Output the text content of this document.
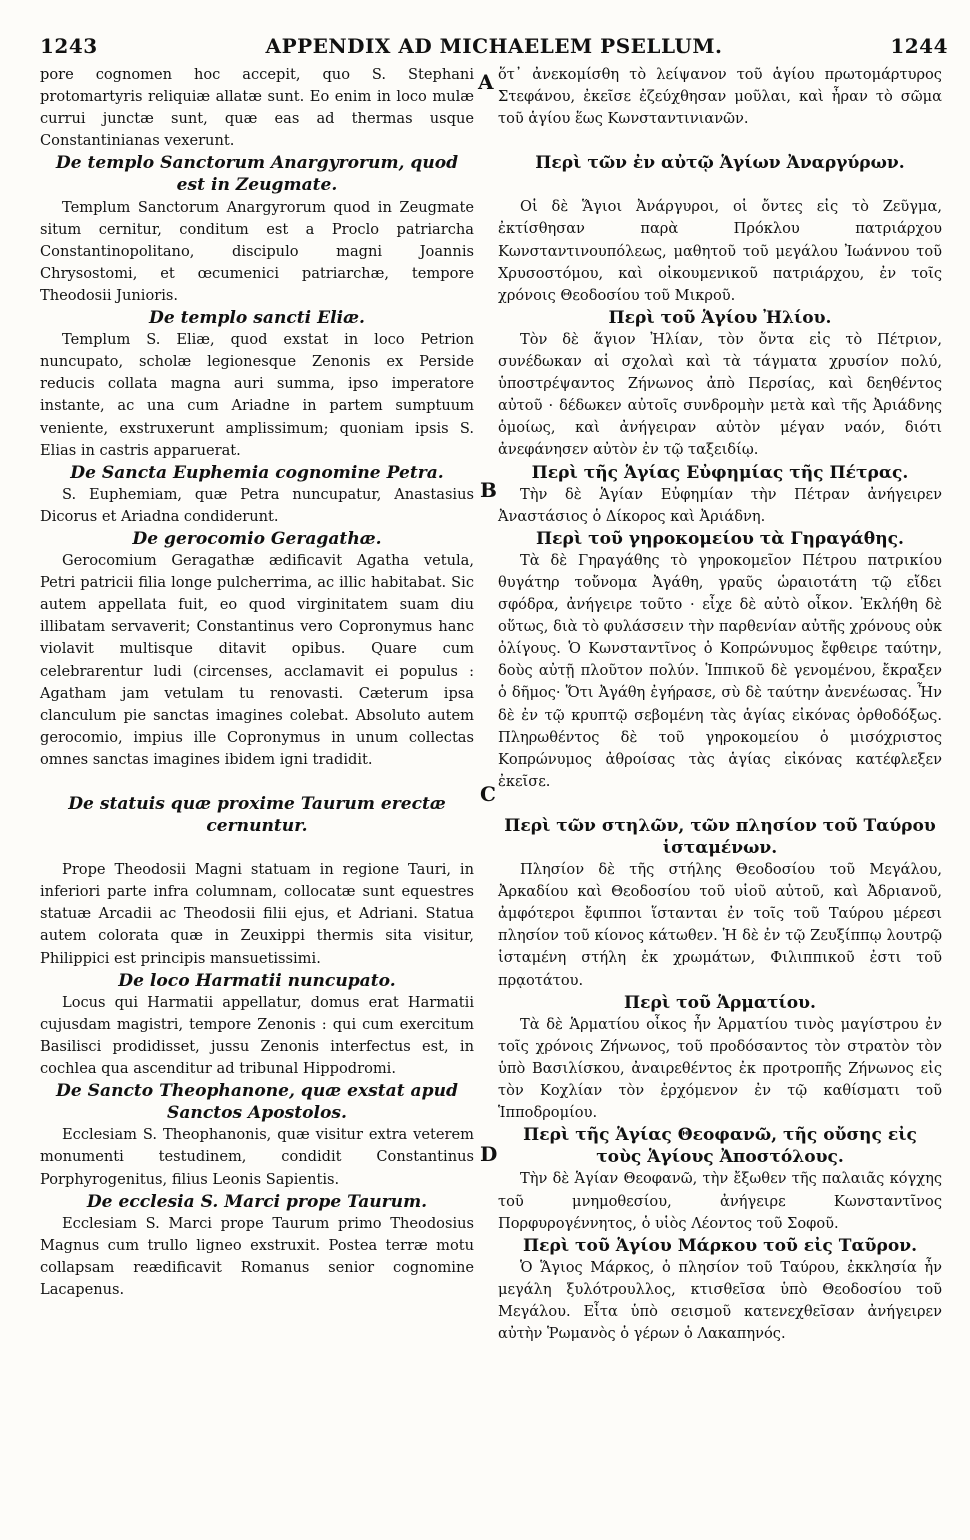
1243	APPENDIX AD MICHAELEM PSELLUM.	1244

pore cognomen hoc accepit, quo S. Stephani protomartyris reliquiæ allatæ sunt. Eo enim in loco mulæ currui junctæ sunt, quæ eas ad thermas usque Constantinianas vexerunt.

De templo Sanctorum Anargyrorum, quod est in Zeugmate.

Templum Sanctorum Anargyrorum quod in Zeugmate situm cernitur, conditum est a Proclo patriarcha Constantinopolitano, discipulo magni Joannis Chrysostomi, et œcumenici patriarchæ, tempore Theodosii Junioris.

De templo sancti Eliæ.

Templum S. Eliæ, quod exstat in loco Petrion nuncupato, scholæ legionesque Zenonis ex Perside reducis collata magna auri summa, ipso imperatore instante, ac una cum Ariadne in partem sumptuum veniente, exstruxerunt amplissimum; quoniam ipsis S. Elias in castris apparuerat.

De Sancta Euphemia cognomine Petra.

S. Euphemiam, quæ Petra nuncupatur, Anastasius Dicorus et Ariadna condiderunt.

De gerocomio Geragathæ.

Gerocomium Geragathæ ædificavit Agatha vetula, Petri patricii filia longe pulcherrima, ac illic habitabat. Sic autem appellata fuit, eo quod virginitatem suam diu illibatam servaverit; Constantinus vero Copronymus hanc violavit multisque ditavit opibus. Quare cum celebrarentur ludi (circenses, acclamavit ei populus : Agatham jam vetulam tu renovasti. Cæterum ipsa clanculum pie sanctas imagines colebat. Absoluto autem gerocomio, impius ille Copronymus in unum collectas omnes sanctas imagines ibidem igni tradidit.

De statuis quæ proxime Taurum erectæ cernuntur.

Prope Theodosii Magni statuam in regione Tauri, in inferiori parte infra columnam, collocatæ sunt equestres statuæ Arcadii ac Theodosii filii ejus, et Adriani. Statua autem colorata quæ in Zeuxippi thermis sita visitur, Philippici est principis mansuetissimi.

De loco Harmatii nuncupato.

Locus qui Harmatii appellatur, domus erat Harmatii cujusdam magistri, tempore Zenonis : qui cum exercitum Basilisci prodidisset, jussu Zenonis interfectus est, in cochlea qua ascenditur ad tribunal Hippodromi.

De Sancto Theophanone, quæ exstat apud Sanctos Apostolos.

Ecclesiam S. Theophanonis, quæ visitur extra veterem monumenti testudinem, condidit Constantinus Porphyrogenitus, filius Leonis Sapientis.

De ecclesia S. Marci prope Taurum.

Ecclesiam S. Marci prope Taurum primo Theodosius Magnus cum trullo ligneo exstruxit. Postea terræ motu collapsam reædificavit Romanus senior cognomine Lacapenus.

ὅτ᾽ ἀνεκομίσθη τὸ λείψανον τοῦ ἁγίου πρωτομάρτυρος Στεφάνου, ἐκεῖσε ἐζεύχθησαν μοῦλαι, καὶ ἦραν τὸ σῶμα τοῦ ἁγίου ἕως Κωνσταντινιανῶν.

Περὶ τῶν ἐν αὐτῷ Ἁγίων Ἀναργύρων.

Οἱ δὲ Ἅγιοι Ἀνάργυροι, οἱ ὄντες εἰς τὸ Ζεῦγμα, ἐκτίσθησαν παρὰ Πρόκλου πατριάρχου Κωνσταντινουπόλεως, μαθητοῦ τοῦ μεγάλου Ἰωάννου τοῦ Χρυσοστόμου, καὶ οἰκουμενικοῦ πατριάρχου, ἐν τοῖς χρόνοις Θεοδοσίου τοῦ Μικροῦ.

Περὶ τοῦ Ἁγίου Ἠλίου.

Τὸν δὲ ἅγιον Ἠλίαν, τὸν ὄντα εἰς τὸ Πέτριον, συνέδωκαν αἱ σχολαὶ καὶ τὰ τάγματα χρυσίον πολύ, ὑποστρέψαντος Ζήνωνος ἀπὸ Περσίας, καὶ δεηθέντος αὐτοῦ · δέδωκεν αὐτοῖς συνδρομὴν μετὰ καὶ τῆς Ἀριάδνης ὁμοίως, καὶ ἀνήγειραν αὐτὸν μέγαν ναόν, διότι ἀνεφάνησεν αὐτὸν ἐν τῷ ταξειδίῳ.

Περὶ τῆς Ἁγίας Εὐφημίας τῆς Πέτρας.

Τὴν δὲ Ἁγίαν Εὐφημίαν τὴν Πέτραν ἀνήγειρεν Ἀναστάσιος ὁ Δίκορος καὶ Ἀριάδνη.

Περὶ τοῦ γηροκομείου τὰ Γηραγάθης.

Τὰ δὲ Γηραγάθης τὸ γηροκομεῖον Πέτρου πατρικίου θυγάτηρ τοὔνομα Ἀγάθη, γραῦς ὡραιοτάτη τῷ εἴδει σφόδρα, ἀνήγειρε τοῦτο · εἶχε δὲ αὐτὸ οἶκον. Ἐκλήθη δὲ οὕτως, διὰ τὸ φυλάσσειν τὴν παρθενίαν αὐτῆς χρόνους οὐκ ὀλίγους. Ὁ Κωνσταντῖνος ὁ Κοπρώνυμος ἔφθειρε ταύτην, δοὺς αὐτῇ πλοῦτον πολύν. Ἱππικοῦ δὲ γενομένου, ἔκραξεν ὁ δῆμος· Ὅτι Ἀγάθη ἐγήρασε, σὺ δὲ ταύτην ἀνενέωσας. Ἦν δὲ ἐν τῷ κρυπτῷ σεβομένη τὰς ἁγίας εἰκόνας ὀρθοδόξως. Πληρωθέντος δὲ τοῦ γηροκομείου ὁ μισόχριστος Κοπρώνυμος ἀθροίσας τὰς ἁγίας εἰκόνας κατέφλεξεν ἐκεῖσε.

Περὶ τῶν στηλῶν, τῶν πλησίον τοῦ Ταύρου ἱσταμένων.

Πλησίον δὲ τῆς στήλης Θεοδοσίου τοῦ Μεγάλου, Ἀρκαδίου καὶ Θεοδοσίου τοῦ υἱοῦ αὐτοῦ, καὶ Ἀδριανοῦ, ἀμφότεροι ἔφιπποι ἵστανται ἐν τοῖς τοῦ Ταύρου μέρεσι πλησίον τοῦ κίονος κάτωθεν. Ἡ δὲ ἐν τῷ Ζευξίππῳ λουτρῷ ἱσταμένη στήλη ἐκ χρωμάτων, Φιλιππικοῦ ἐστι τοῦ πρᾳοτάτου.

Περὶ τοῦ Ἁρματίου.

Τὰ δὲ Ἁρματίου οἶκος ἦν Ἁρματίου τινὸς μαγίστρου ἐν τοῖς χρόνοις Ζήνωνος, τοῦ προδόσαντος τὸν στρατὸν τὸν ὑπὸ Βασιλίσκου, ἀναιρεθέντος ἐκ προτροπῆς Ζήνωνος εἰς τὸν Κοχλίαν τὸν ἐρχόμενον ἐν τῷ καθίσματι τοῦ Ἱπποδρομίου.

Περὶ τῆς Ἁγίας Θεοφανῶ, τῆς οὔσης εἰς τοὺς Ἁγίους Ἀποστόλους.

Τὴν δὲ Ἁγίαν Θεοφανῶ, τὴν ἔξωθεν τῆς παλαιᾶς κόγχης τοῦ μνημοθεσίου, ἀνήγειρε Κωνσταντῖνος Πορφυρογέννητος, ὁ υἱὸς Λέοντος τοῦ Σοφοῦ.

Περὶ τοῦ Ἁγίου Μάρκου τοῦ εἰς Ταῦρον.

Ὁ Ἅγιος Μάρκος, ὁ πλησίον τοῦ Ταύρου, ἐκκλησία ἦν μεγάλη ξυλότρουλλος, κτισθεῖσα ὑπὸ Θεοδοσίου τοῦ Μεγάλου. Εἶτα ὑπὸ σεισμοῦ κατενεχθεῖσαν ἀνήγειρεν αὐτὴν Ῥωμανὸς ὁ γέρων ὁ Λακαπηνός.

A
B
C
D
